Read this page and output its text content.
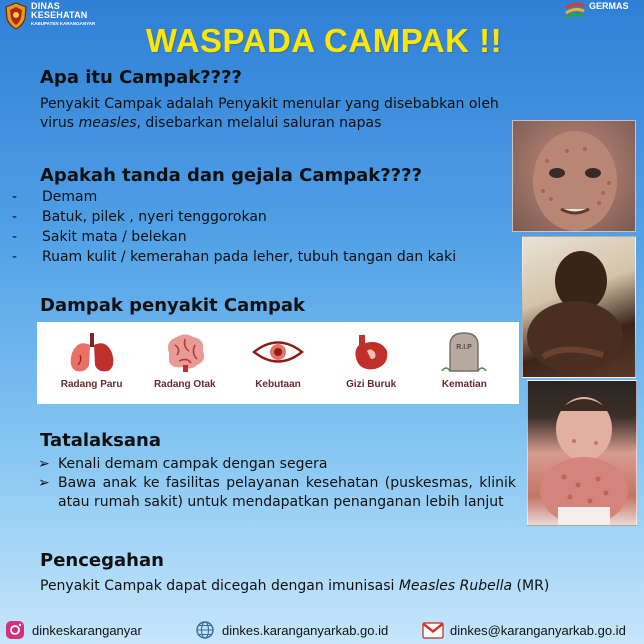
DINAS
KESEHATAN
KABUPATEN KARANGANYAR
GERMAS
WASPADA CAMPAK !!
Apa itu Campak????
Penyakit Campak adalah Penyakit menular yang disebabkan oleh
virus measles, disebarkan melalui saluran napas
Apakah tanda dan gejala Campak????
-	Demam
-	Batuk, pilek , nyeri tenggorokan
-	Sakit mata / belekan
-	Ruam kulit / kemerahan pada leher, tubuh tangan dan kaki
Dampak penyakit Campak
Radang Paru	Radang Otak	Kebutaan	Gizi Buruk
R.I.P
Kematian
Tatalaksana
➢ Kenali demam campak dengan segera
➢ Bawa anak ke fasilitas pelayanan kesehatan (puskesmas, klinik atau rumah sakit) untuk mendapatkan penanganan lebih lanjut
Pencegahan
Penyakit Campak dapat dicegah dengan imunisasi Measles Rubella (MR)
dinkeskaranganyar	dinkes.karanganyarkab.go.id	dinkes@karanganyarkab.go.id
